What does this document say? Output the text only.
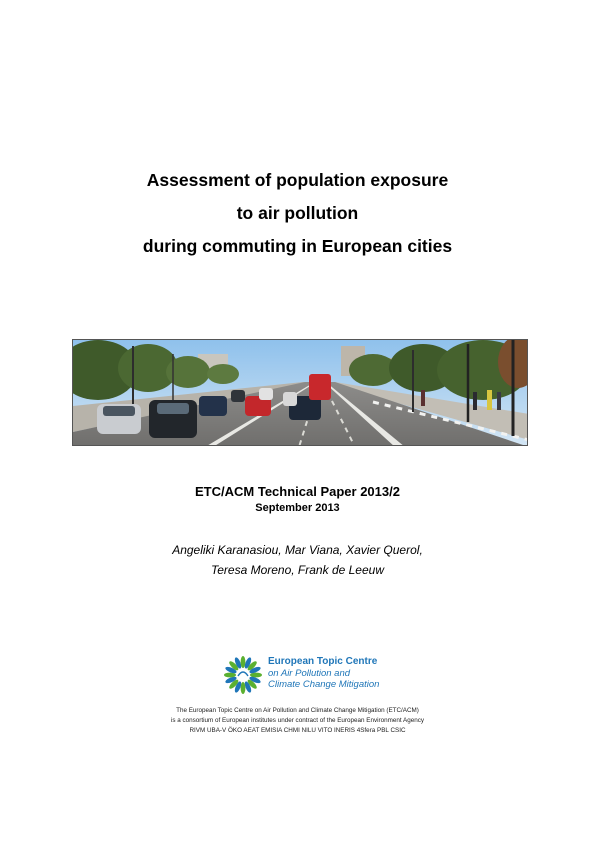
Assessment of population exposure
to air pollution
during commuting in European cities
ETC/ACM Technical Paper 2013/2
September 2013
Angeliki Karanasiou, Mar Viana, Xavier Querol,
Teresa Moreno, Frank de Leeuw
European Topic Centre
on Air Pollution and
Climate Change Mitigation
The European Topic Centre on Air Pollution and Climate Change Mitigation (ETC/ACM)
is a consortium of European institutes under contract of the European Environment Agency
RIVM UBA-V ÖKO AEAT EMISIA CHMI NILU VITO INERIS 4Sfera PBL CSIC
